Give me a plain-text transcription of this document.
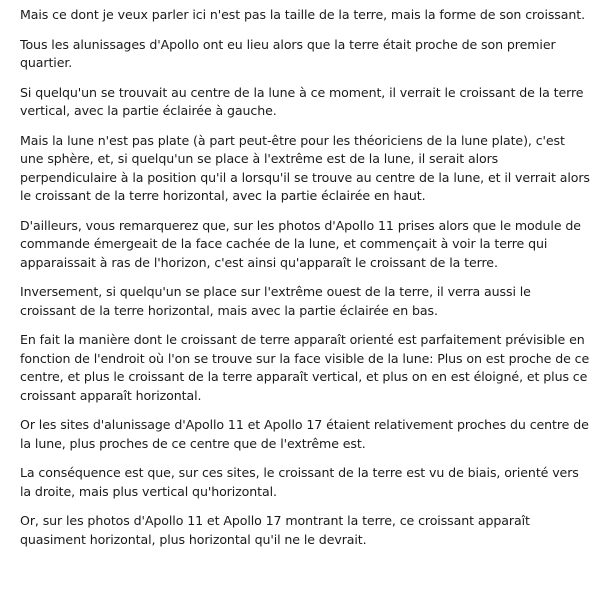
Mais ce dont je veux parler ici n'est pas la taille de la terre, mais la forme de son croissant.

Tous les alunissages d'Apollo ont eu lieu alors que la terre était proche de son premier quartier.

Si quelqu'un se trouvait au centre de la lune à ce moment, il verrait le croissant de la terre vertical, avec la partie éclairée à gauche.

Mais la lune n'est pas plate (à part peut-être pour les théoriciens de la lune plate), c'est une sphère, et, si quelqu'un se place à l'extrême est de la lune, il serait alors perpendiculaire à la position qu'il a lorsqu'il se trouve au centre de la lune, et il verrait alors le croissant de la terre horizontal, avec la partie éclairée en haut.

D'ailleurs, vous remarquerez que, sur les photos d'Apollo 11 prises alors que le module de commande émergeait de la face cachée de la lune, et commençait à voir la terre qui apparaissait à ras de l'horizon, c'est ainsi qu'apparaît le croissant de la terre.

Inversement, si quelqu'un se place sur l'extrême ouest de la terre, il verra aussi le croissant de la terre horizontal, mais avec la partie éclairée en bas.

En fait la manière dont le croissant de terre apparaît orienté est parfaitement prévisible en fonction de l'endroit où l'on se trouve sur la face visible de la lune: Plus on est proche de ce centre, et plus le croissant de la terre apparaît vertical, et plus on en est éloigné, et plus ce croissant apparaît horizontal.

Or les sites d'alunissage d'Apollo 11 et Apollo 17 étaient relativement proches du centre de la lune, plus proches de ce centre que de l'extrême est.

La conséquence est que, sur ces sites, le croissant de la terre est vu de biais, orienté vers la droite, mais plus vertical qu'horizontal.

Or, sur les photos d'Apollo 11 et Apollo 17 montrant la terre, ce croissant apparaît quasiment horizontal, plus horizontal qu'il ne le devrait.
